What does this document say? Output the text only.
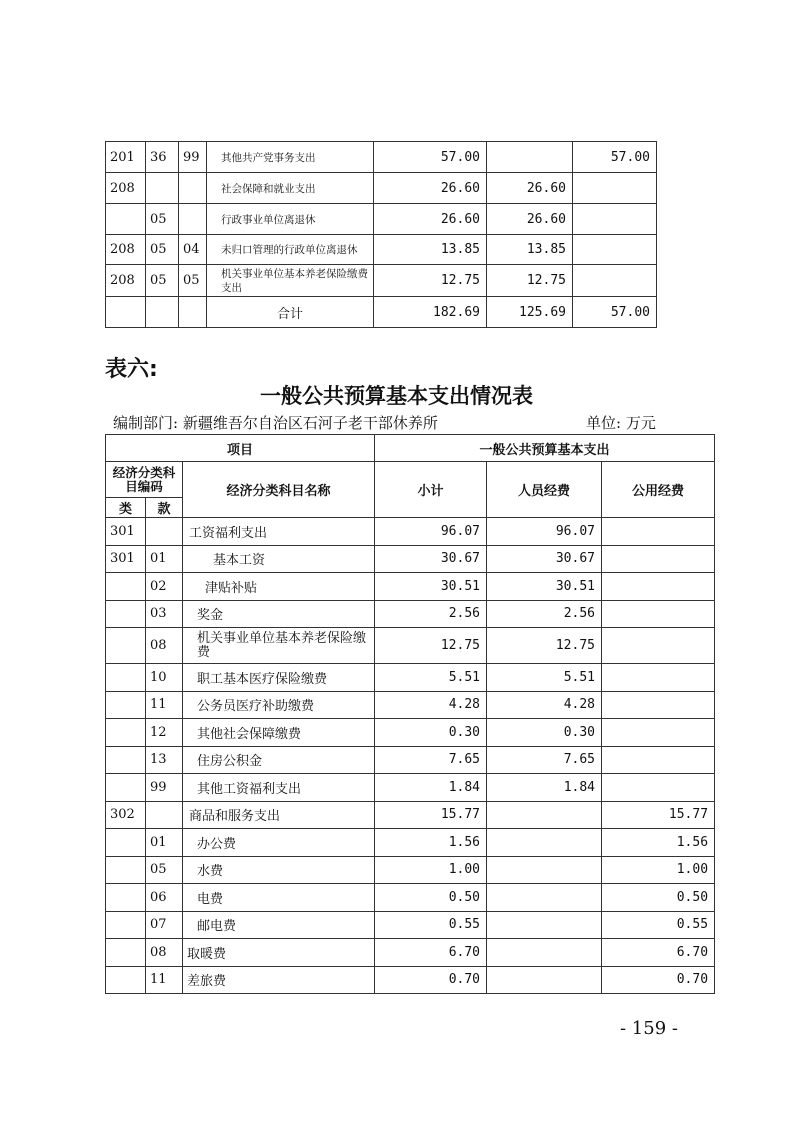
201	36	99	其他共产党事务支出	57.00		57.00
208			社会保障和就业支出	26.60	26.60	
	05		行政事业单位离退休	26.60	26.60	
208	05	04	未归口管理的行政单位离退休	13.85	13.85	
208	05	05	机关事业单位基本养老保险缴费支出	12.75	12.75	
			合计	182.69	125.69	57.00
表六:
一般公共预算基本支出情况表
编制部门: 新疆维吾尔自治区石河子老干部休养所	单位: 万元
项目			一般公共预算基本支出		
经济分类科目编码		经济分类科目名称	小计	人员经费	公用经费
类	款				
301		工资福利支出	96.07	96.07	
301	01	基本工资	30.67	30.67	
	02	津贴补贴	30.51	30.51	
	03	奖金	2.56	2.56	
	08	机关事业单位基本养老保险缴费	12.75	12.75	
	10	职工基本医疗保险缴费	5.51	5.51	
	11	公务员医疗补助缴费	4.28	4.28	
	12	其他社会保障缴费	0.30	0.30	
	13	住房公积金	7.65	7.65	
	99	其他工资福利支出	1.84	1.84	
302		商品和服务支出	15.77		15.77
	01	办公费	1.56		1.56
	05	水费	1.00		1.00
	06	电费	0.50		0.50
	07	邮电费	0.55		0.55
	08	取暖费	6.70		6.70
	11	差旅费	0.70		0.70
- 159 -
